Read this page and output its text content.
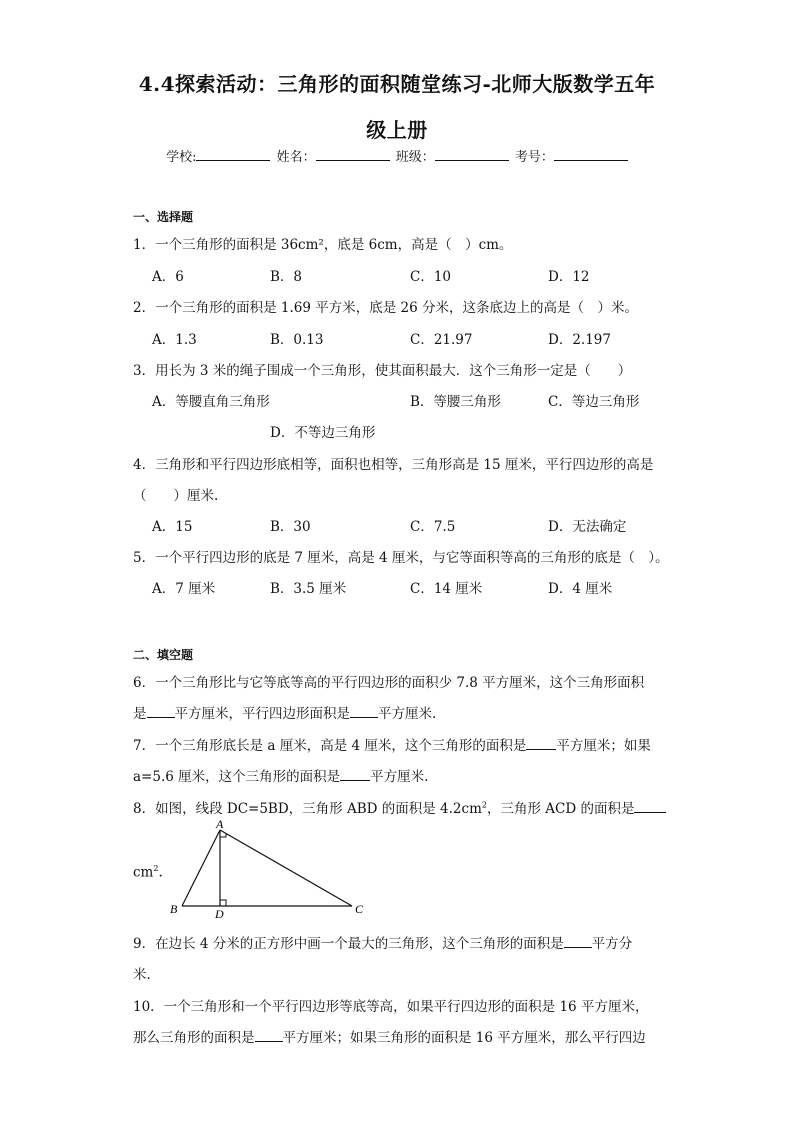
4.4探索活动：三角形的面积随堂练习-北师大版数学五年
级上册
学校:	姓名：	班级：	考号：
一、选择题
1．一个三角形的面积是 36cm²，底是 6cm，高是（　）cm。
A．6	B．8	C．10	D．12
2．一个三角形的面积是 1.69 平方米，底是 26 分米，这条底边上的高是（　）米。
A．1.3	B．0.13	C．21.97	D．2.197
3．用长为 3 米的绳子围成一个三角形，使其面积最大．这个三角形一定是（　　）
A．等腰直角三角形	B．等腰三角形	C．等边三角形
D．不等边三角形
4．三角形和平行四边形底相等，面积也相等，三角形高是 15 厘米，平行四边形的高是
（　　）厘米.
A．15	B．30	C．7.5	D．无法确定
5．一个平行四边形的底是 7 厘米，高是 4 厘米，与它等面积等高的三角形的底是（　）。
A．7 厘米	B．3.5 厘米	C．14 厘米	D．4 厘米
二、填空题
6．一个三角形比与它等底等高的平行四边形的面积少 7.8 平方厘米，这个三角形面积
是 平方厘米，平行四边形面积是 平方厘米.
7．一个三角形底长是 a 厘米，高是 4 厘米，这个三角形的面积是 平方厘米；如果
a=5.6 厘米，这个三角形的面积是 平方厘米.
8．如图，线段 DC=5BD，三角形 ABD 的面积是 $4.2cm^2$，三角形 ACD 的面积是
$cm^2$.
A
B	C
D
9．在边长 4 分米的正方形中画一个最大的三角形，这个三角形的面积是 平方分
米.
10．一个三角形和一个平行四边形等底等高，如果平行四边形的面积是 16 平方厘米，
那么三角形的面积是 平方厘米；如果三角形的面积是 16 平方厘米，那么平行四边
